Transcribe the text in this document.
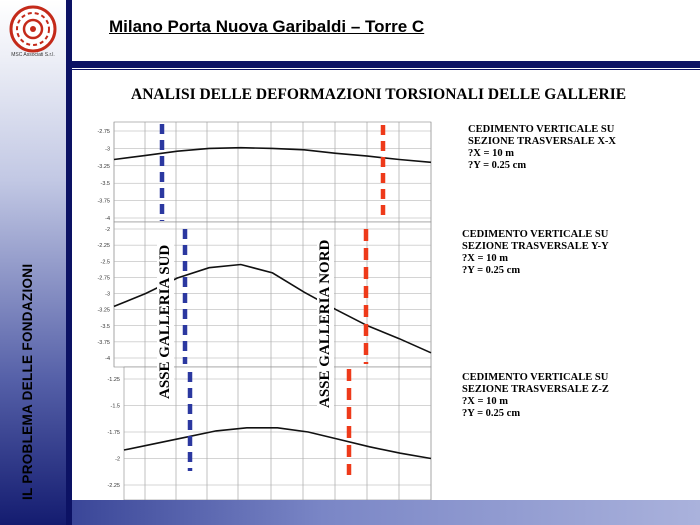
MSC Associati S.r.l.
IL PROBLEMA DELLE FONDAZIONI
Milano Porta Nuova Garibaldi – Torre C
ANALISI DELLE DEFORMAZIONI TORSIONALI DELLE GALLERIE
-2.75
-3
-3.25
-3.5
-3.75
-4
-2
-2.25
-2.5
-2.75
-3
-3.25
-3.5
-3.75
-4
-1.25
-1.5
-1.75
-2
-2.25
CEDIMENTO VERTICALE SU
SEZIONE TRASVERSALE X-X
?X = 10 m
?Y = 0.25 cm
CEDIMENTO VERTICALE SU
SEZIONE TRASVERSALE Y-Y
?X = 10 m
?Y = 0.25 cm
CEDIMENTO VERTICALE SU
SEZIONE TRASVERSALE Z-Z
?X = 10 m
?Y = 0.25 cm
ASSE GALLERIA SUD	ASSE GALLERIA NORD
